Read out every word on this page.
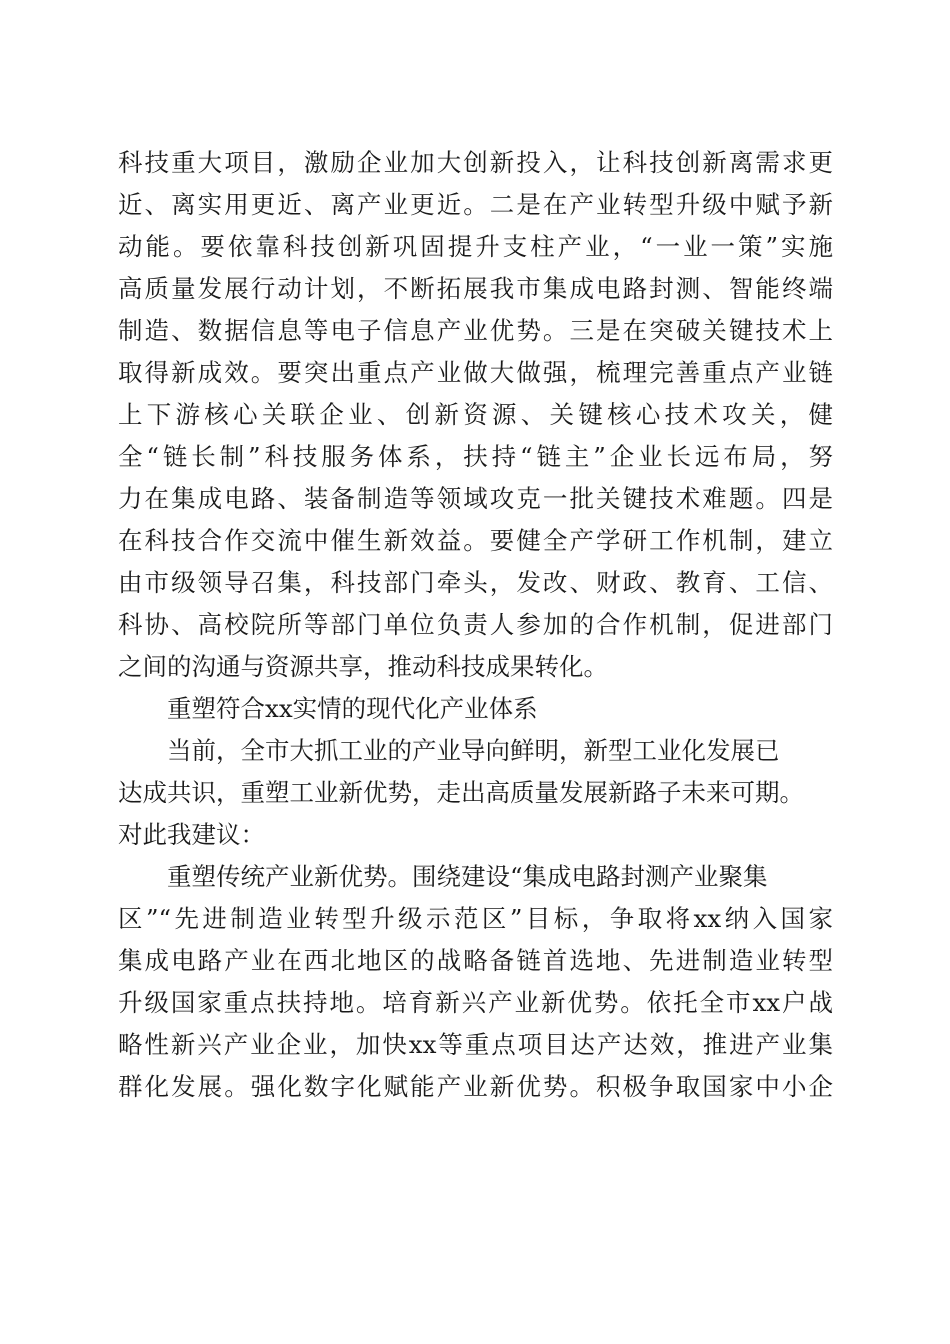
科技重大项目，激励企业加大创新投入，让科技创新离需求更
近、离实用更近、离产业更近。二是在产业转型升级中赋予新
动能。要依靠科技创新巩固提升支柱产业，“一业一策”实施
高质量发展行动计划，不断拓展我市集成电路封测、智能终端
制造、数据信息等电子信息产业优势。三是在突破关键技术上
取得新成效。要突出重点产业做大做强，梳理完善重点产业链
上下游核心关联企业、创新资源、关键核心技术攻关，健
全“链长制”科技服务体系，扶持“链主”企业长远布局，努
力在集成电路、装备制造等领域攻克一批关键技术难题。四是
在科技合作交流中催生新效益。要健全产学研工作机制，建立
由市级领导召集，科技部门牵头，发改、财政、教育、工信、
科协、高校院所等部门单位负责人参加的合作机制，促进部门
之间的沟通与资源共享，推动科技成果转化。
重塑符合xx实情的现代化产业体系
当前，全市大抓工业的产业导向鲜明，新型工业化发展已
达成共识，重塑工业新优势，走出高质量发展新路子未来可期。
对此我建议：
重塑传统产业新优势。围绕建设“集成电路封测产业聚集
区”“先进制造业转型升级示范区”目标，争取将xx纳入国家
集成电路产业在西北地区的战略备链首选地、先进制造业转型
升级国家重点扶持地。培育新兴产业新优势。依托全市xx户战
略性新兴产业企业，加快xx等重点项目达产达效，推进产业集
群化发展。强化数字化赋能产业新优势。积极争取国家中小企
